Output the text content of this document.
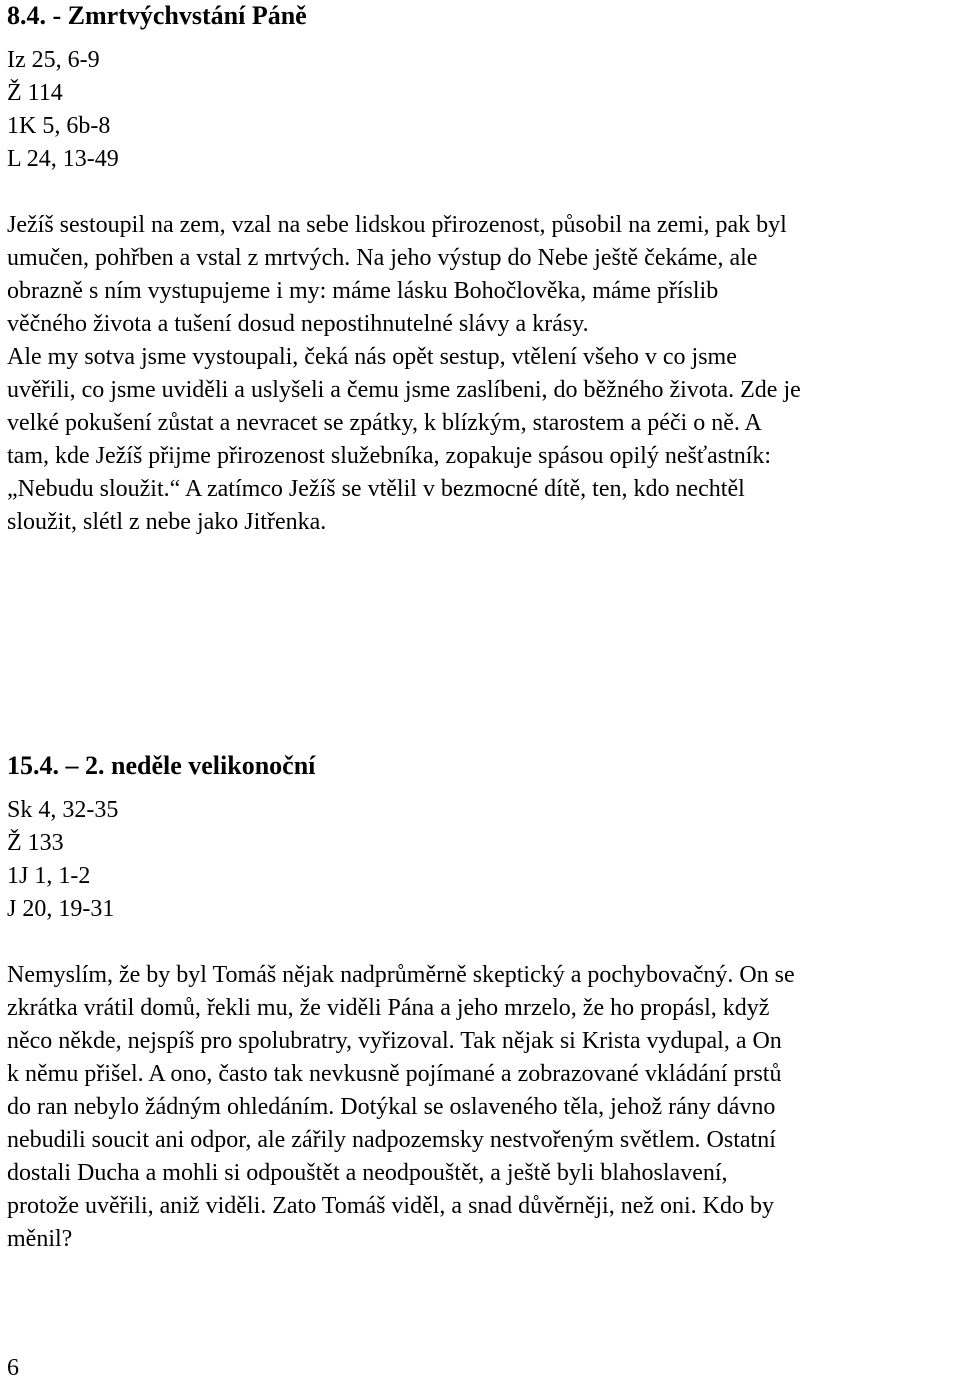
8.4. - Zmrtvýchvstání Páně
Iz 25, 6-9
Ž 114
1K 5, 6b-8
L 24, 13-49

Ježíš sestoupil na zem, vzal na sebe lidskou přirozenost, působil na zemi, pak byl

umučen, pohřben a vstal z mrtvých. Na jeho výstup do Nebe ještě čekáme, ale

obrazně s ním vystupujeme i my: máme lásku Bohočlověka, máme příslib

věčného života a tušení dosud nepostihnutelné slávy a krásy.

Ale my sotva jsme vystoupali, čeká nás opět sestup, vtělení všeho v co jsme

uvěřili, co jsme uviděli a uslyšeli a čemu jsme zaslíbeni, do běžného života. Zde je

velké pokušení zůstat a nevracet se zpátky, k blízkým, starostem a péči o ně. A

tam, kde Ježíš přijme přirozenost služebníka, zopakuje spásou opilý nešťastník:

„Nebudu sloužit.“ A zatímco Ježíš se vtělil v bezmocné dítě, ten, kdo nechtěl

sloužit, slétl z nebe jako Jitřenka.

15.4. – 2. neděle velikonoční
Sk 4, 32-35
Ž 133
1J 1, 1-2
J 20, 19-31

Nemyslím, že by byl Tomáš nějak nadprůměrně skeptický a pochybovačný. On se

zkrátka vrátil domů, řekli mu, že viděli Pána a jeho mrzelo, že ho propásl, když

něco někde, nejspíš pro spolubratry, vyřizoval. Tak nějak si Krista vydupal, a On

k němu přišel. A ono, často tak nevkusně pojímané a zobrazované vkládání prstů

do ran nebylo žádným ohledáním. Dotýkal se oslaveného těla, jehož rány dávno

nebudili soucit ani odpor, ale zářily nadpozemsky nestvořeným světlem. Ostatní

dostali Ducha a mohli si odpouštět a neodpouštět, a ještě byli blahoslavení,

protože uvěřili, aniž viděli. Zato Tomáš viděl, a snad důvěrněji, než oni. Kdo by

měnil?

6
